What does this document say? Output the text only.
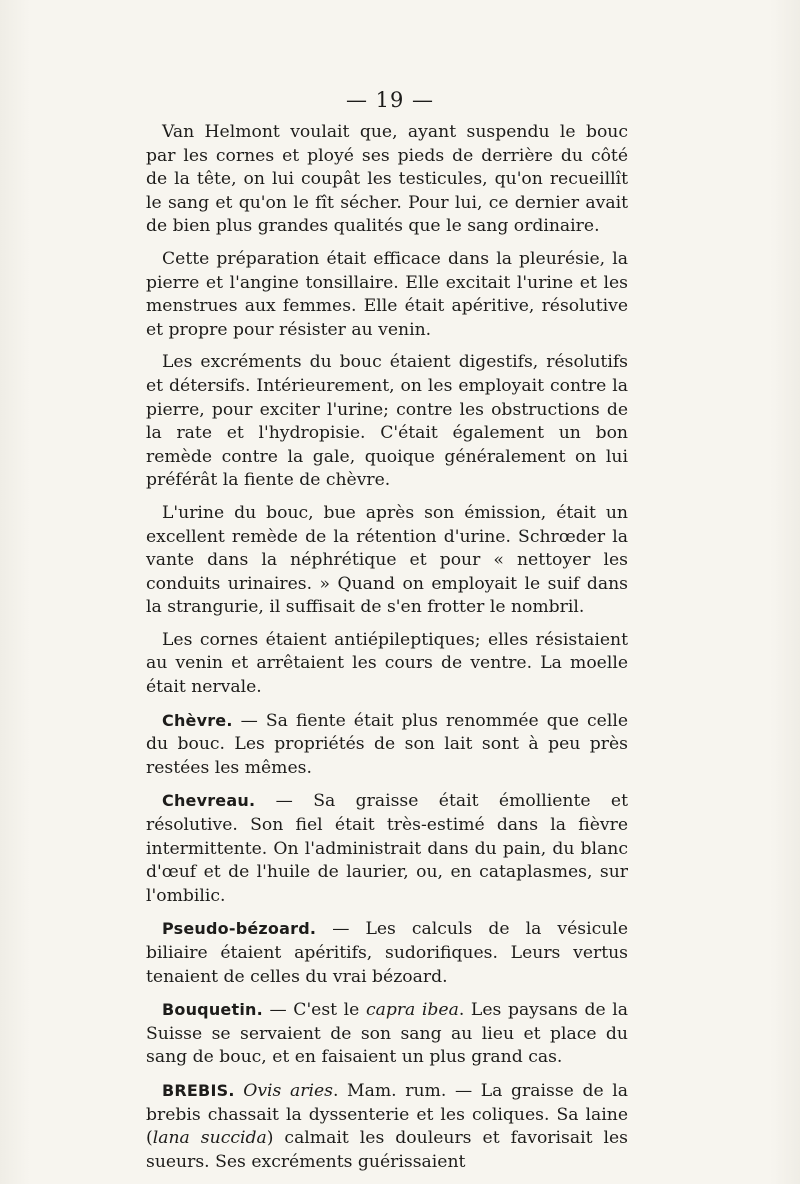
— 19 —

Van Helmont voulait que, ayant suspendu le bouc par les cornes et ployé ses pieds de derrière du côté de la tête, on lui coupât les testicules, qu'on recueillît le sang et qu'on le fît sécher. Pour lui, ce dernier avait de bien plus grandes qualités que le sang ordinaire.

Cette préparation était efficace dans la pleurésie, la pierre et l'angine tonsillaire. Elle excitait l'urine et les menstrues aux femmes. Elle était apéritive, résolutive et propre pour résister au venin.

Les excréments du bouc étaient digestifs, résolutifs et détersifs. Intérieurement, on les employait contre la pierre, pour exciter l'urine; contre les obstructions de la rate et l'hydropisie. C'était également un bon remède contre la gale, quoique généralement on lui préférât la fiente de chèvre.

L'urine du bouc, bue après son émission, était un excellent remède de la rétention d'urine. Schrœder la vante dans la néphrétique et pour « nettoyer les conduits urinaires. » Quand on employait le suif dans la strangurie, il suffisait de s'en frotter le nombril.

Les cornes étaient antiépileptiques; elles résistaient au venin et arrêtaient les cours de ventre. La moelle était nervale.

Chèvre. — Sa fiente était plus renommée que celle du bouc. Les propriétés de son lait sont à peu près restées les mêmes.

Chevreau. — Sa graisse était émolliente et résolutive. Son fiel était très-estimé dans la fièvre intermittente. On l'administrait dans du pain, du blanc d'œuf et de l'huile de laurier, ou, en cataplasmes, sur l'ombilic.

Pseudo-bézoard. — Les calculs de la vésicule biliaire étaient apéritifs, sudorifiques. Leurs vertus tenaient de celles du vrai bézoard.

Bouquetin. — C'est le capra ibea. Les paysans de la Suisse se servaient de son sang au lieu et place du sang de bouc, et en faisaient un plus grand cas.

BREBIS. Ovis aries. Mam. rum. — La graisse de la brebis chassait la dyssenterie et les coliques. Sa laine (lana succida) calmait les douleurs et favorisait les sueurs. Ses excréments guérissaient
